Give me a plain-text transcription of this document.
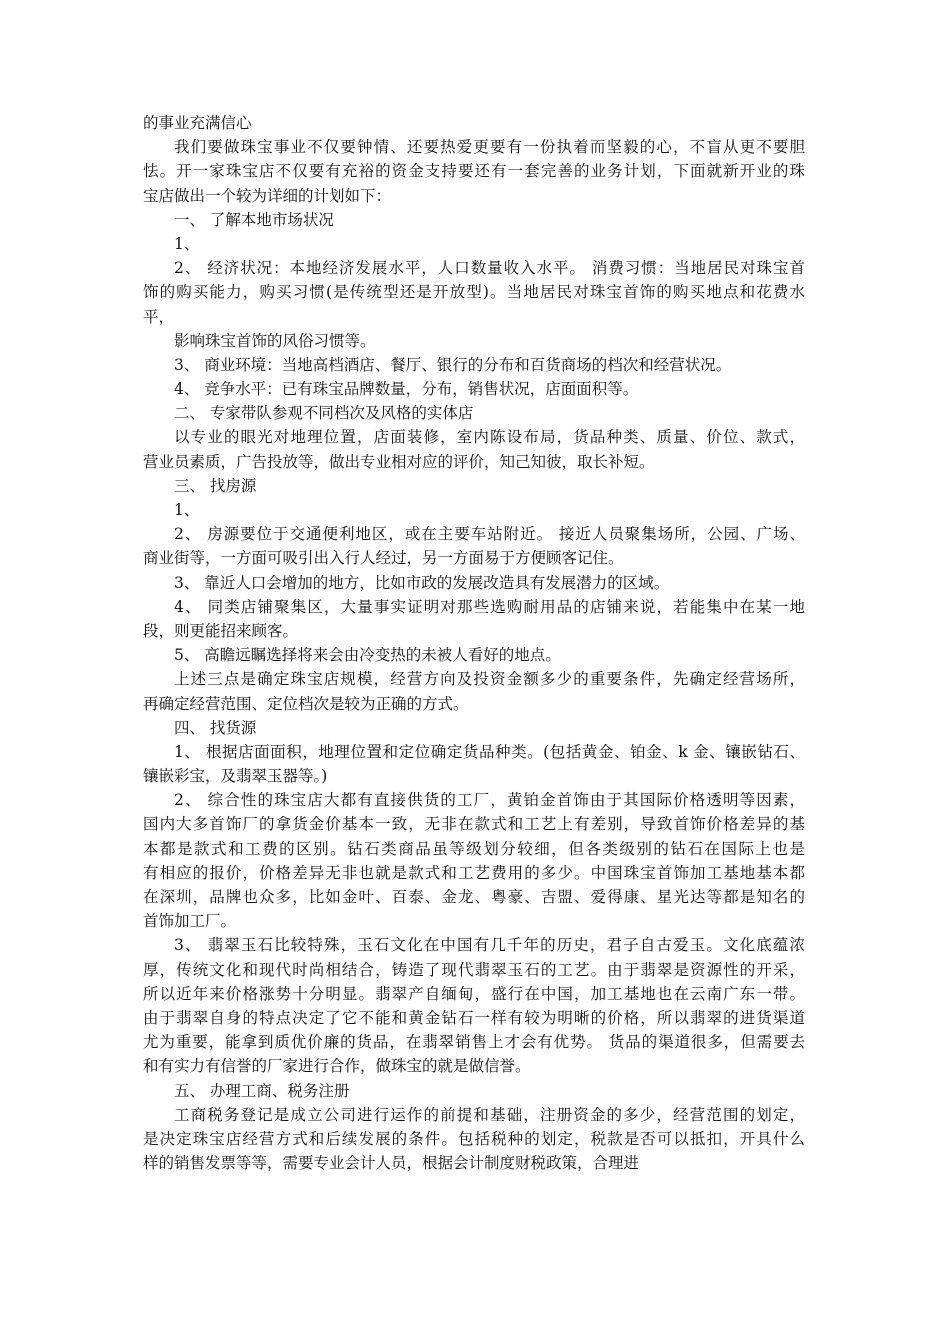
的事业充满信心
我们要做珠宝事业不仅要钟情、还要热爱更要有一份执着而坚毅的心，不盲从更不要胆
怯。开一家珠宝店不仅要有充裕的资金支持要还有一套完善的业务计划，下面就新开业的珠
宝店做出一个较为详细的计划如下：
一、 了解本地市场状况
1、
2、 经济状况：本地经济发展水平，人口数量收入水平。 消费习惯：当地居民对珠宝首
饰的购买能力，购买习惯(是传统型还是开放型)。当地居民对珠宝首饰的购买地点和花费水
平，
影响珠宝首饰的风俗习惯等。
3、 商业环境：当地高档酒店、餐厅、银行的分布和百货商场的档次和经营状况。
4、 竞争水平：已有珠宝品牌数量，分布，销售状况，店面面积等。
二、 专家带队参观不同档次及风格的实体店
以专业的眼光对地理位置，店面装修，室内陈设布局，货品种类、质量、价位、款式，
营业员素质，广告投放等，做出专业相对应的评价，知己知彼，取长补短。
三、 找房源
1、
2、 房源要位于交通便利地区，或在主要车站附近。 接近人员聚集场所，公园、广场、
商业街等，一方面可吸引出入行人经过，另一方面易于方便顾客记住。
3、 靠近人口会增加的地方，比如市政的发展改造具有发展潜力的区域。
4、 同类店铺聚集区，大量事实证明对那些选购耐用品的店铺来说，若能集中在某一地
段，则更能招来顾客。
5、 高瞻远瞩选择将来会由冷变热的未被人看好的地点。
上述三点是确定珠宝店规模，经营方向及投资金额多少的重要条件，先确定经营场所，
再确定经营范围、定位档次是较为正确的方式。
四、 找货源
1、 根据店面面积，地理位置和定位确定货品种类。(包括黄金、铂金、k 金、镶嵌钻石、
镶嵌彩宝，及翡翠玉器等。)
2、 综合性的珠宝店大都有直接供货的工厂，黄铂金首饰由于其国际价格透明等因素，
国内大多首饰厂的拿货金价基本一致，无非在款式和工艺上有差别，导致首饰价格差异的基
本都是款式和工费的区别。钻石类商品虽等级划分较细，但各类级别的钻石在国际上也是
有相应的报价，价格差异无非也就是款式和工艺费用的多少。中国珠宝首饰加工基地基本都
在深圳，品牌也众多，比如金叶、百泰、金龙、粤豪、吉盟、爱得康、星光达等都是知名的
首饰加工厂。
3、 翡翠玉石比较特殊，玉石文化在中国有几千年的历史，君子自古爱玉。文化底蕴浓
厚，传统文化和现代时尚相结合，铸造了现代翡翠玉石的工艺。由于翡翠是资源性的开采，
所以近年来价格涨势十分明显。翡翠产自缅甸，盛行在中国，加工基地也在云南广东一带。
由于翡翠自身的特点决定了它不能和黄金钻石一样有较为明晰的价格，所以翡翠的进货渠道
尤为重要，能拿到质优价廉的货品，在翡翠销售上才会有优势。 货品的渠道很多，但需要去
和有实力有信誉的厂家进行合作，做珠宝的就是做信誉。
五、 办理工商、税务注册
工商税务登记是成立公司进行运作的前提和基础，注册资金的多少，经营范围的划定，
是决定珠宝店经营方式和后续发展的条件。包括税种的划定，税款是否可以抵扣，开具什么
样的销售发票等等，需要专业会计人员，根据会计制度财税政策，合理进
